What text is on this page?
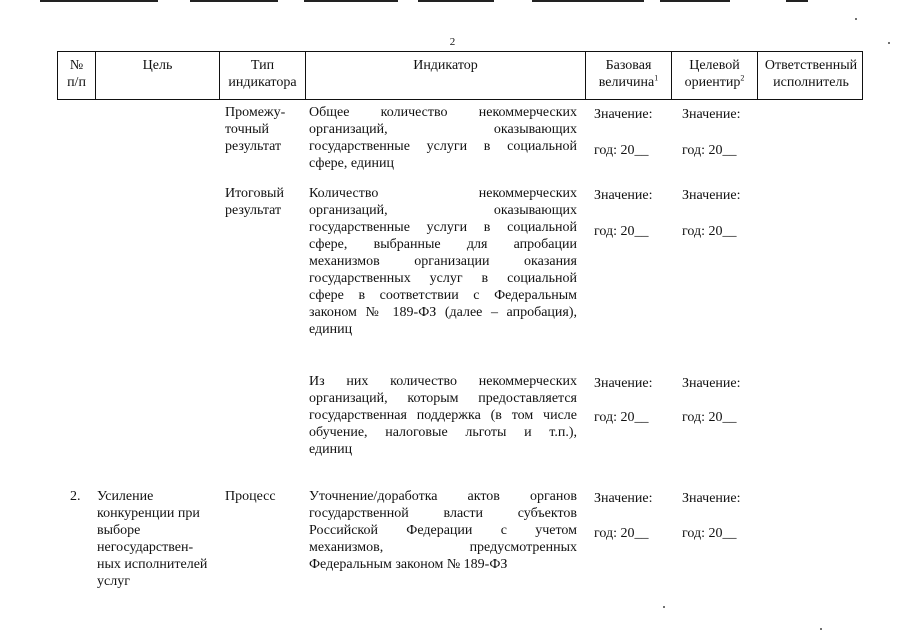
2
№
п/п
Цель	Тип
индикатора
Индикатор	Базовая
величина$^1$
Целевой
ориентир$^2$
Ответственный
исполнитель
Промежу-
точный
результат
Общее количество некоммерческих
организаций, оказывающих
государственные услуги в социальной
сфере, единиц
Значение:
год: 20__
Значение:
год: 20__
Итоговый
результат
Количество некоммерческих
организаций, оказывающих
государственные услуги в социальной
сфере, выбранные для апробации
механизмов организации оказания
государственных услуг в социальной
сфере в соответствии с Федеральным
законом № 189-ФЗ (далее – апробация),
единиц
Значение:
год: 20__
Значение:
год: 20__
Из них количество некоммерческих
организаций, которым предоставляется
государственная поддержка (в том числе
обучение, налоговые льготы и т.п.),
единиц
Значение:
год: 20__
Значение:
год: 20__
2. Усиление
конкуренции при
выборе
негосударствен-
ных исполнителей
услуг
Процесс Уточнение/доработка актов органов
государственной власти субъектов
Российской Федерации с учетом
механизмов, предусмотренных
Федеральным законом № 189-ФЗ
Значение:
год: 20__
Значение:
год: 20__
